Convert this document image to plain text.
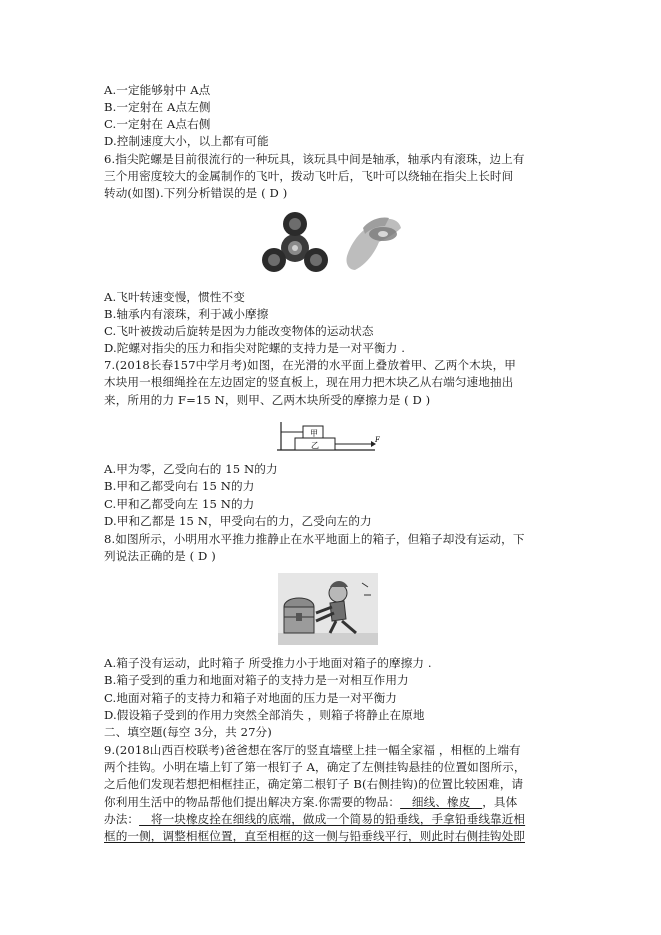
A.一定能够射中 A点
B.一定射在 A点左侧
C.一定射在 A点右侧
D.控制速度大小，以上都有可能
6.指尖陀螺是目前很流行的一种玩具，该玩具中间是轴承，轴承内有滚珠，边上有
三个用密度较大的金属制作的飞叶，拨动飞叶后，飞叶可以绕轴在指尖上长时间
转动(如图).下列分析错误的是 ( D )
A.飞叶转速变慢，惯性不变
B.轴承内有滚珠，利于减小摩擦
C.飞叶被拨动后旋转是因为力能改变物体的运动状态
D.陀螺对指尖的压力和指尖对陀螺的支持力是一对平衡力 .
7.(2018长春157中学月考)如图，在光滑的水平面上叠放着甲、乙两个木块，甲
木块用一根细绳拴在左边固定的竖直板上，现在用力把木块乙从右端匀速地抽出
来，所用的力 F=15 N，则甲、乙两木块所受的摩擦力是 ( D )
甲
乙
F
A.甲为零，乙受向右的 15 N的力
B.甲和乙都受向右 15 N的力
C.甲和乙都受向左 15 N的力
D.甲和乙都是 15 N，甲受向右的力，乙受向左的力
8.如图所示，小明用水平推力推静止在水平地面上的箱子，但箱子却没有运动，下
列说法正确的是 ( D )
A.箱子没有运动，此时箱子 所受推力小于地面对箱子的摩擦力 .
B.箱子受到的重力和地面对箱子的支持力是一对相互作用力
C.地面对箱子的支持力和箱子对地面的压力是一对平衡力
D.假设箱子受到的作用力突然全部消失 ，则箱子将静止在原地
二、填空题(每空 3分，共 27分)
9.(2018山西百校联考)爸爸想在客厅的竖直墙壁上挂一幅全家福 ，相框的上端有
两个挂钩。小明在墙上钉了第一根钉子 A，确定了左侧挂钩悬挂的位置如图所示，
之后他们发现若想把相框挂正，确定第二根钉子 B(右侧挂钩)的位置比较困难，请
你利用生活中的物品帮他们提出解决方案.你需要的物品：__细线、橡皮__，具体
办法：__将一块橡皮拴在细线的底端，做成一个简易的铅垂线，手拿铅垂线靠近相
框的一侧，调整相框位置，直至相框的这一侧与铅垂线平行，则此时右侧挂钩处即
